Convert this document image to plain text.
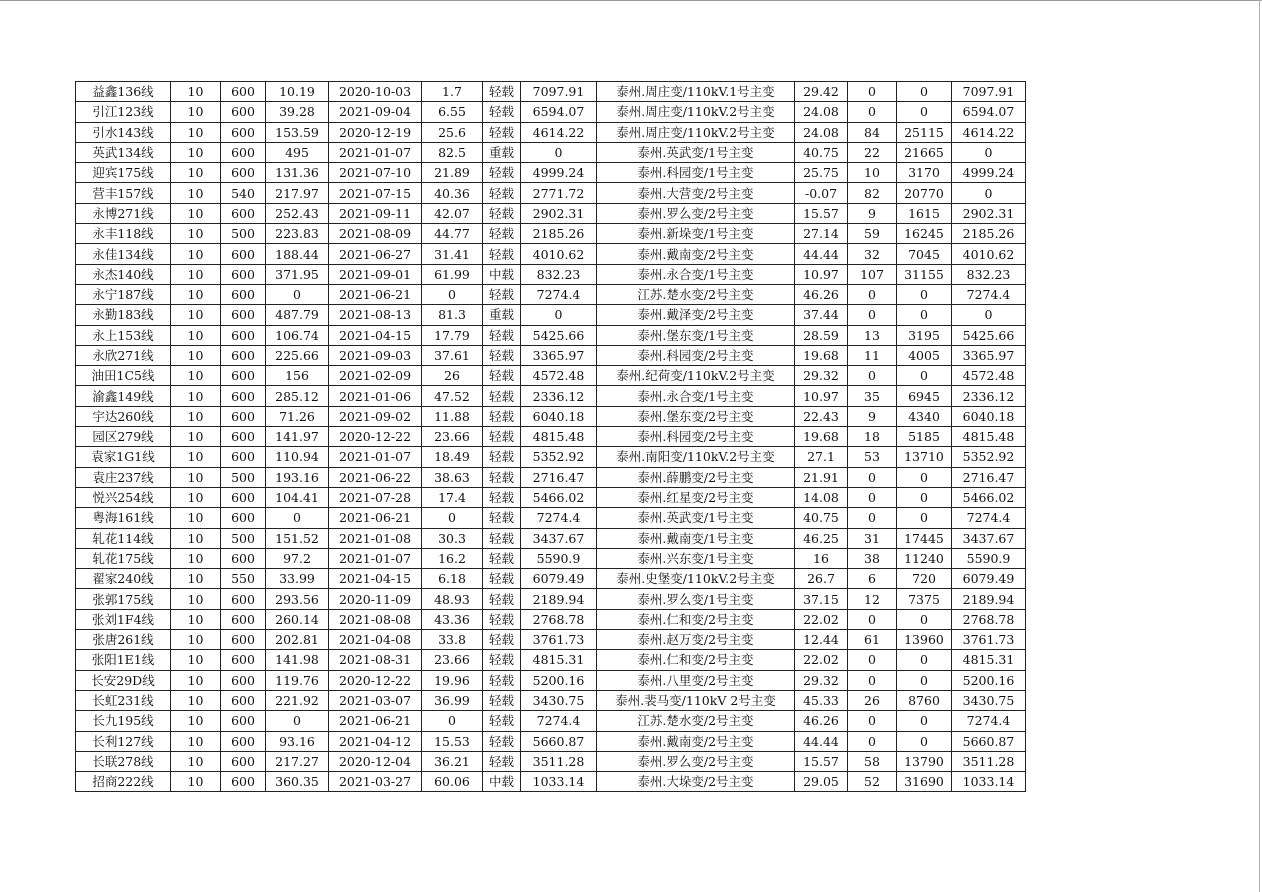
益鑫136线	10	600	10.19	2020-10-03	1.7	轻载	7097.91	泰州.周庄变/110kV.1号主变	29.42	0	0	7097.91
引江123线	10	600	39.28	2021-09-04	6.55	轻载	6594.07	泰州.周庄变/110kV.2号主变	24.08	0	0	6594.07
引水143线	10	600	153.59	2020-12-19	25.6	轻载	4614.22	泰州.周庄变/110kV.2号主变	24.08	84	25115	4614.22
英武134线	10	600	495	2021-01-07	82.5	重载	0	泰州.英武变/1号主变	40.75	22	21665	0
迎宾175线	10	600	131.36	2021-07-10	21.89	轻载	4999.24	泰州.科园变/1号主变	25.75	10	3170	4999.24
营丰157线	10	540	217.97	2021-07-15	40.36	轻载	2771.72	泰州.大营变/2号主变	-0.07	82	20770	0
永博271线	10	600	252.43	2021-09-11	42.07	轻载	2902.31	泰州.罗么变/2号主变	15.57	9	1615	2902.31
永丰118线	10	500	223.83	2021-08-09	44.77	轻载	2185.26	泰州.新垛变/1号主变	27.14	59	16245	2185.26
永佳134线	10	600	188.44	2021-06-27	31.41	轻载	4010.62	泰州.戴南变/2号主变	44.44	32	7045	4010.62
永杰140线	10	600	371.95	2021-09-01	61.99	中载	832.23	泰州.永合变/1号主变	10.97	107	31155	832.23
永宁187线	10	600	0	2021-06-21	0	轻载	7274.4	江苏.楚水变/2号主变	46.26	0	0	7274.4
永勤183线	10	600	487.79	2021-08-13	81.3	重载	0	泰州.戴泽变/2号主变	37.44	0	0	0
永上153线	10	600	106.74	2021-04-15	17.79	轻载	5425.66	泰州.堡东变/1号主变	28.59	13	3195	5425.66
永欣271线	10	600	225.66	2021-09-03	37.61	轻载	3365.97	泰州.科园变/2号主变	19.68	11	4005	3365.97
油田1C5线	10	600	156	2021-02-09	26	轻载	4572.48	泰州.纪荷变/110kV.2号主变	29.32	0	0	4572.48
渝鑫149线	10	600	285.12	2021-01-06	47.52	轻载	2336.12	泰州.永合变/1号主变	10.97	35	6945	2336.12
宇达260线	10	600	71.26	2021-09-02	11.88	轻载	6040.18	泰州.堡东变/2号主变	22.43	9	4340	6040.18
园区279线	10	600	141.97	2020-12-22	23.66	轻载	4815.48	泰州.科园变/2号主变	19.68	18	5185	4815.48
袁家1G1线	10	600	110.94	2021-01-07	18.49	轻载	5352.92	泰州.南阳变/110kV.2号主变	27.1	53	13710	5352.92
袁庄237线	10	500	193.16	2021-06-22	38.63	轻载	2716.47	泰州.薛鹏变/2号主变	21.91	0	0	2716.47
悦兴254线	10	600	104.41	2021-07-28	17.4	轻载	5466.02	泰州.红星变/2号主变	14.08	0	0	5466.02
粤海161线	10	600	0	2021-06-21	0	轻载	7274.4	泰州.英武变/1号主变	40.75	0	0	7274.4
轧花114线	10	500	151.52	2021-01-08	30.3	轻载	3437.67	泰州.戴南变/1号主变	46.25	31	17445	3437.67
轧花175线	10	600	97.2	2021-01-07	16.2	轻载	5590.9	泰州.兴东变/1号主变	16	38	11240	5590.9
翟家240线	10	550	33.99	2021-04-15	6.18	轻载	6079.49	泰州.史堡变/110kV.2号主变	26.7	6	720	6079.49
张郭175线	10	600	293.56	2020-11-09	48.93	轻载	2189.94	泰州.罗么变/1号主变	37.15	12	7375	2189.94
张刘1F4线	10	600	260.14	2021-08-08	43.36	轻载	2768.78	泰州.仁和变/2号主变	22.02	0	0	2768.78
张唐261线	10	600	202.81	2021-04-08	33.8	轻载	3761.73	泰州.赵万变/2号主变	12.44	61	13960	3761.73
张阳1E1线	10	600	141.98	2021-08-31	23.66	轻载	4815.31	泰州.仁和变/2号主变	22.02	0	0	4815.31
长安29D线	10	600	119.76	2020-12-22	19.96	轻载	5200.16	泰州.八里变/2号主变	29.32	0	0	5200.16
长虹231线	10	600	221.92	2021-03-07	36.99	轻载	3430.75	泰州.裴马变/110kV 2号主变	45.33	26	8760	3430.75
长九195线	10	600	0	2021-06-21	0	轻载	7274.4	江苏.楚水变/2号主变	46.26	0	0	7274.4
长利127线	10	600	93.16	2021-04-12	15.53	轻载	5660.87	泰州.戴南变/2号主变	44.44	0	0	5660.87
长联278线	10	600	217.27	2020-12-04	36.21	轻载	3511.28	泰州.罗么变/2号主变	15.57	58	13790	3511.28
招商222线	10	600	360.35	2021-03-27	60.06	中载	1033.14	泰州.大垛变/2号主变	29.05	52	31690	1033.14
